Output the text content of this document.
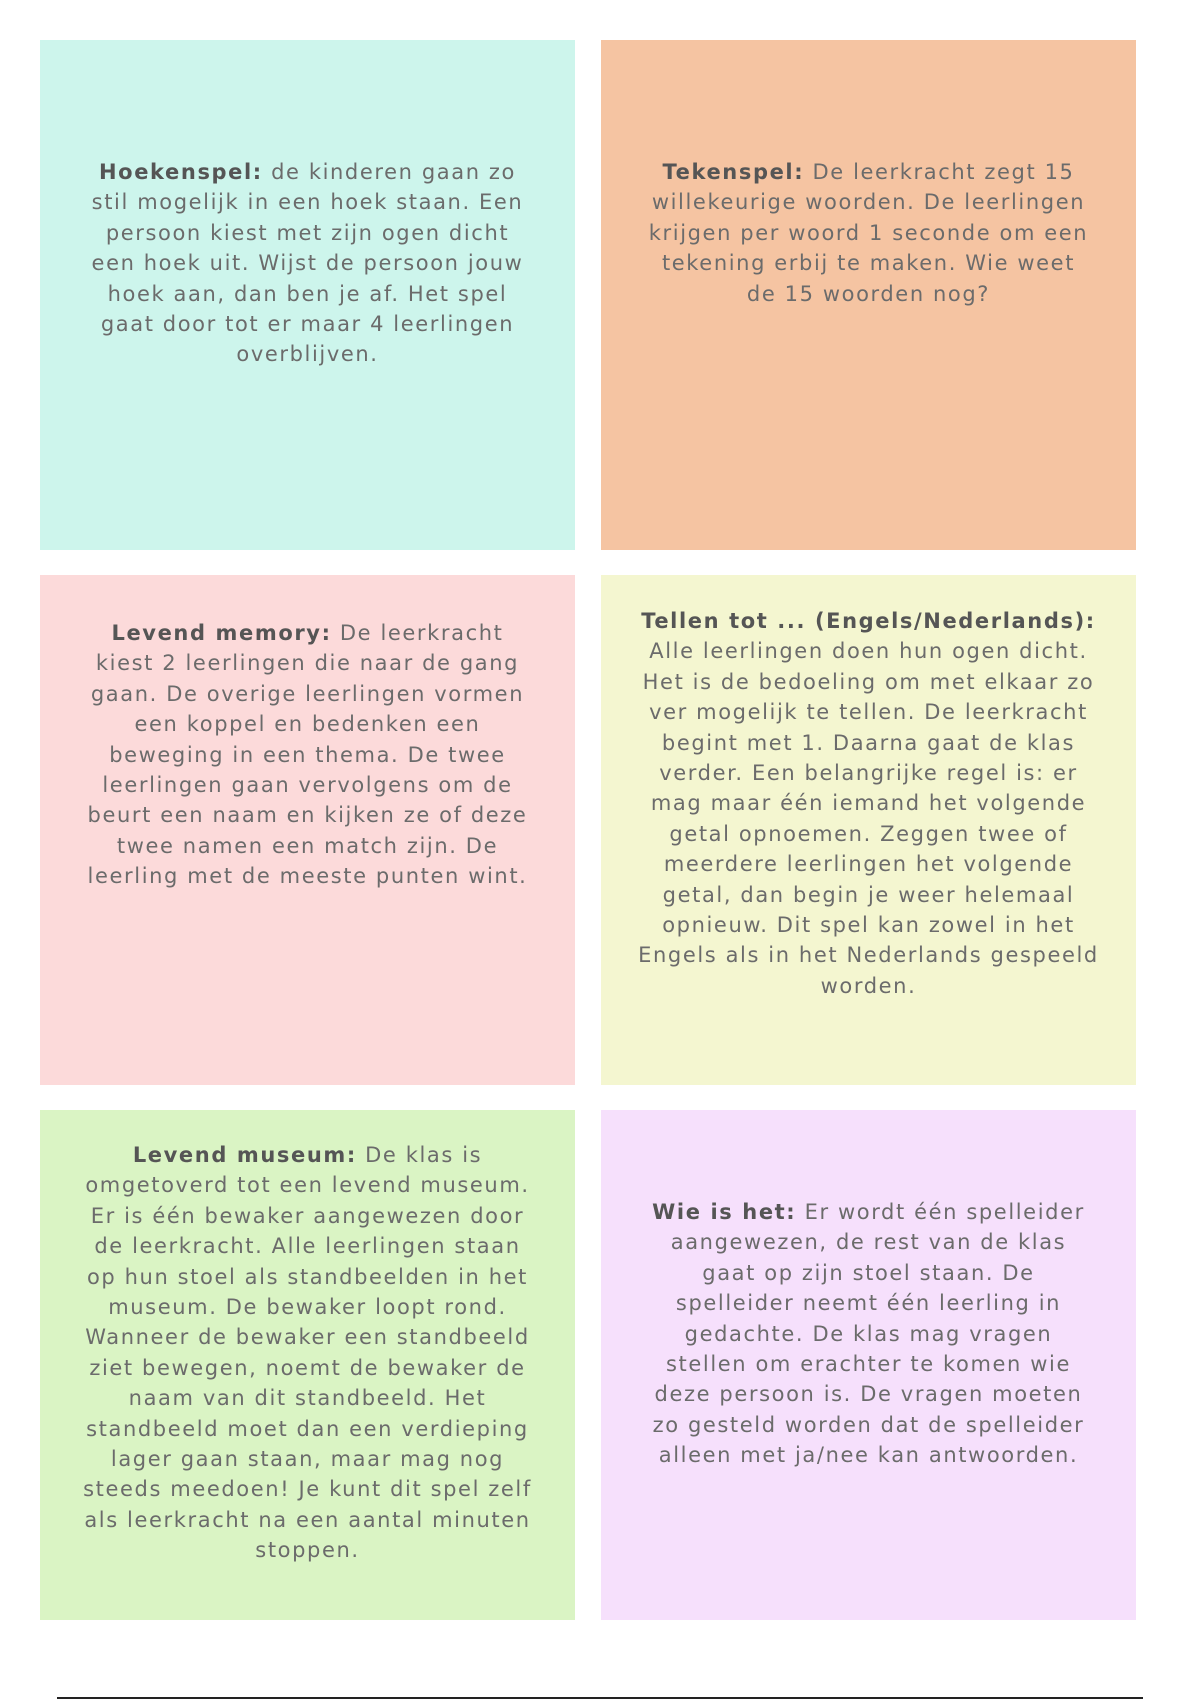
Hoekenspel: de kinderen gaan zo stil mogelijk in een hoek staan. Een persoon kiest met zijn ogen dicht een hoek uit. Wijst de persoon jouw hoek aan, dan ben je af. Het spel gaat door tot er maar 4 leerlingen overblijven.

Tekenspel: De leerkracht zegt 15 willekeurige woorden. De leerlingen krijgen per woord 1 seconde om een tekening erbij te maken. Wie weet de 15 woorden nog?

Levend memory: De leerkracht kiest 2 leerlingen die naar de gang gaan. De overige leerlingen vormen een koppel en bedenken een beweging in een thema. De twee leerlingen gaan vervolgens om de beurt een naam en kijken ze of deze twee namen een match zijn. De leerling met de meeste punten wint.

Tellen tot ... (Engels/Nederlands): Alle leerlingen doen hun ogen dicht. Het is de bedoeling om met elkaar zo ver mogelijk te tellen. De leerkracht begint met 1. Daarna gaat de klas verder. Een belangrijke regel is: er mag maar één iemand het volgende getal opnoemen. Zeggen twee of meerdere leerlingen het volgende getal, dan begin je weer helemaal opnieuw. Dit spel kan zowel in het Engels als in het Nederlands gespeeld worden.

Levend museum: De klas is omgetoverd tot een levend museum. Er is één bewaker aangewezen door de leerkracht. Alle leerlingen staan op hun stoel als standbeelden in het museum. De bewaker loopt rond. Wanneer de bewaker een standbeeld ziet bewegen, noemt de bewaker de naam van dit standbeeld. Het standbeeld moet dan een verdieping lager gaan staan, maar mag nog steeds meedoen! Je kunt dit spel zelf als leerkracht na een aantal minuten stoppen.

Wie is het: Er wordt één spelleider aangewezen, de rest van de klas gaat op zijn stoel staan. De spelleider neemt één leerling in gedachte. De klas mag vragen stellen om erachter te komen wie deze persoon is. De vragen moeten zo gesteld worden dat de spelleider alleen met ja/nee kan antwoorden.
